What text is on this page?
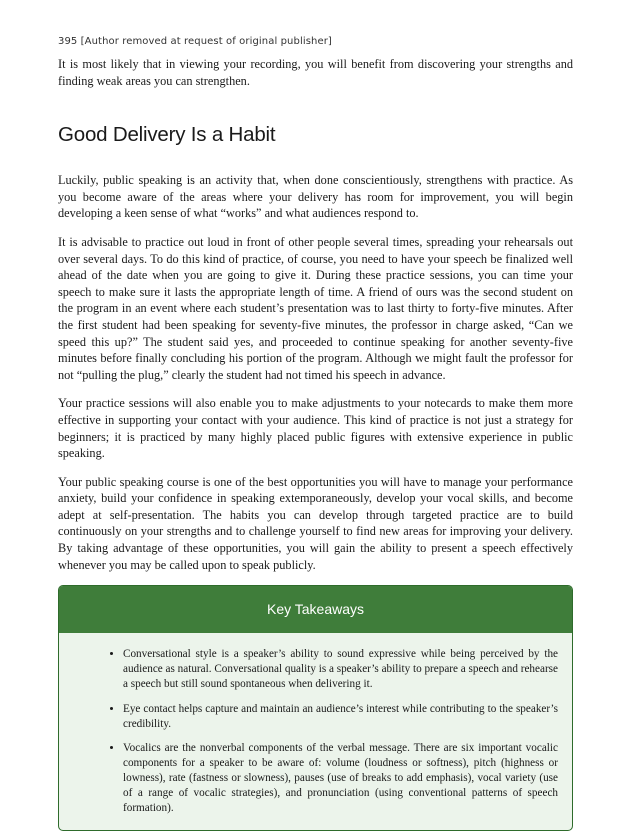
395 [Author removed at request of original publisher]

It is most likely that in viewing your recording, you will benefit from discovering your strengths and finding weak areas you can strengthen.

Good Delivery Is a Habit

Luckily, public speaking is an activity that, when done conscientiously, strengthens with practice. As you become aware of the areas where your delivery has room for improvement, you will begin developing a keen sense of what “works” and what audiences respond to.

It is advisable to practice out loud in front of other people several times, spreading your rehearsals out over several days. To do this kind of practice, of course, you need to have your speech be finalized well ahead of the date when you are going to give it. During these practice sessions, you can time your speech to make sure it lasts the appropriate length of time. A friend of ours was the second student on the program in an event where each student’s presentation was to last thirty to forty-five minutes. After the first student had been speaking for seventy-five minutes, the professor in charge asked, “Can we speed this up?” The student said yes, and proceeded to continue speaking for another seventy-five minutes before finally concluding his portion of the program. Although we might fault the professor for not “pulling the plug,” clearly the student had not timed his speech in advance.

Your practice sessions will also enable you to make adjustments to your notecards to make them more effective in supporting your contact with your audience. This kind of practice is not just a strategy for beginners; it is practiced by many highly placed public figures with extensive experience in public speaking.

Your public speaking course is one of the best opportunities you will have to manage your performance anxiety, build your confidence in speaking extemporaneously, develop your vocal skills, and become adept at self-presentation. The habits you can develop through targeted practice are to build continuously on your strengths and to challenge yourself to find new areas for improving your delivery. By taking advantage of these opportunities, you will gain the ability to present a speech effectively whenever you may be called upon to speak publicly.

Key Takeaways
• Conversational style is a speaker’s ability to sound expressive while being perceived by the audience as natural. Conversational quality is a speaker’s ability to prepare a speech and rehearse a speech but still sound spontaneous when delivering it.
• Eye contact helps capture and maintain an audience’s interest while contributing to the speaker’s credibility.
• Vocalics are the nonverbal components of the verbal message. There are six important vocalic components for a speaker to be aware of: volume (loudness or softness), pitch (highness or lowness), rate (fastness or slowness), pauses (use of breaks to add emphasis), vocal variety (use of a range of vocalic strategies), and pronunciation (using conventional patterns of speech formation).
